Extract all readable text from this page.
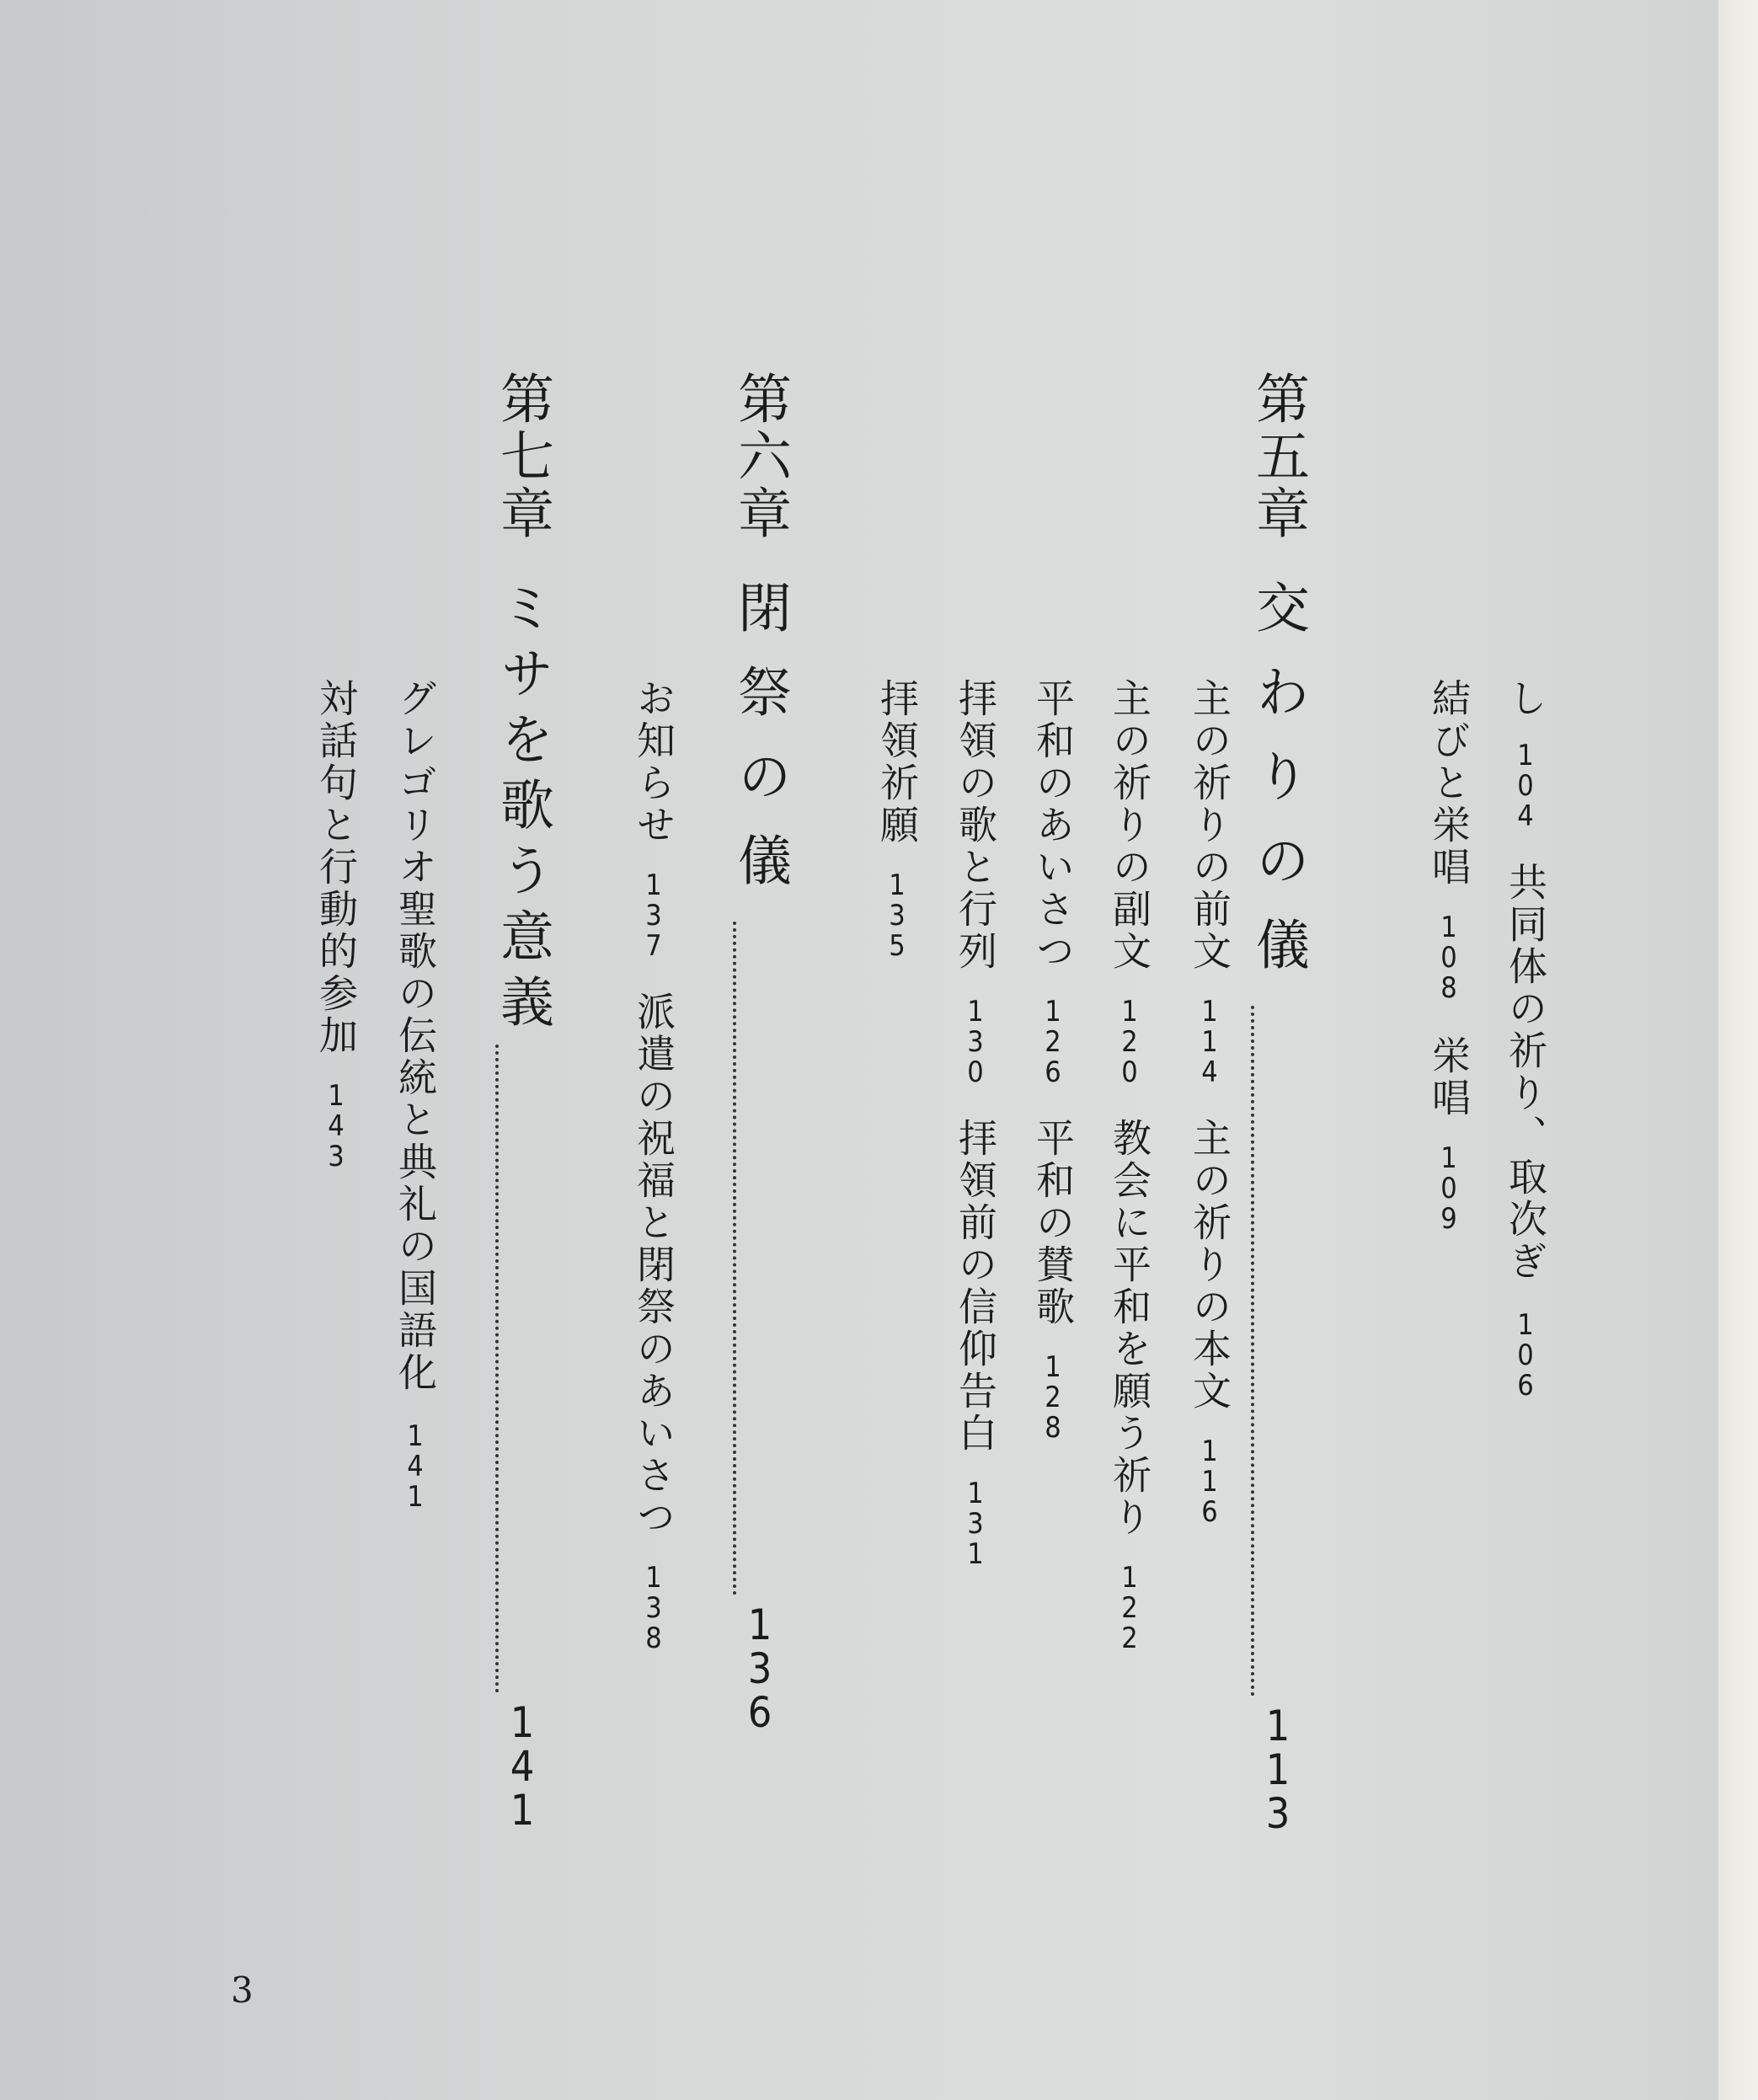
し104共同体の祈り、取次ぎ106
結びと栄唱108栄唱109
第五章交わりの儀113
主の祈りの前文114主の祈りの本文116
主の祈りの副文120教会に平和を願う祈り122
平和のあいさつ126平和の賛歌128
拝領の歌と行列130拝領前の信仰告白131
拝領祈願135
第六章閉祭の儀136
お知らせ137派遣の祝福と閉祭のあいさつ138
第七章ミサを歌う意義141
グレゴリオ聖歌の伝統と典礼の国語化141
対話句と行動的参加143
3
